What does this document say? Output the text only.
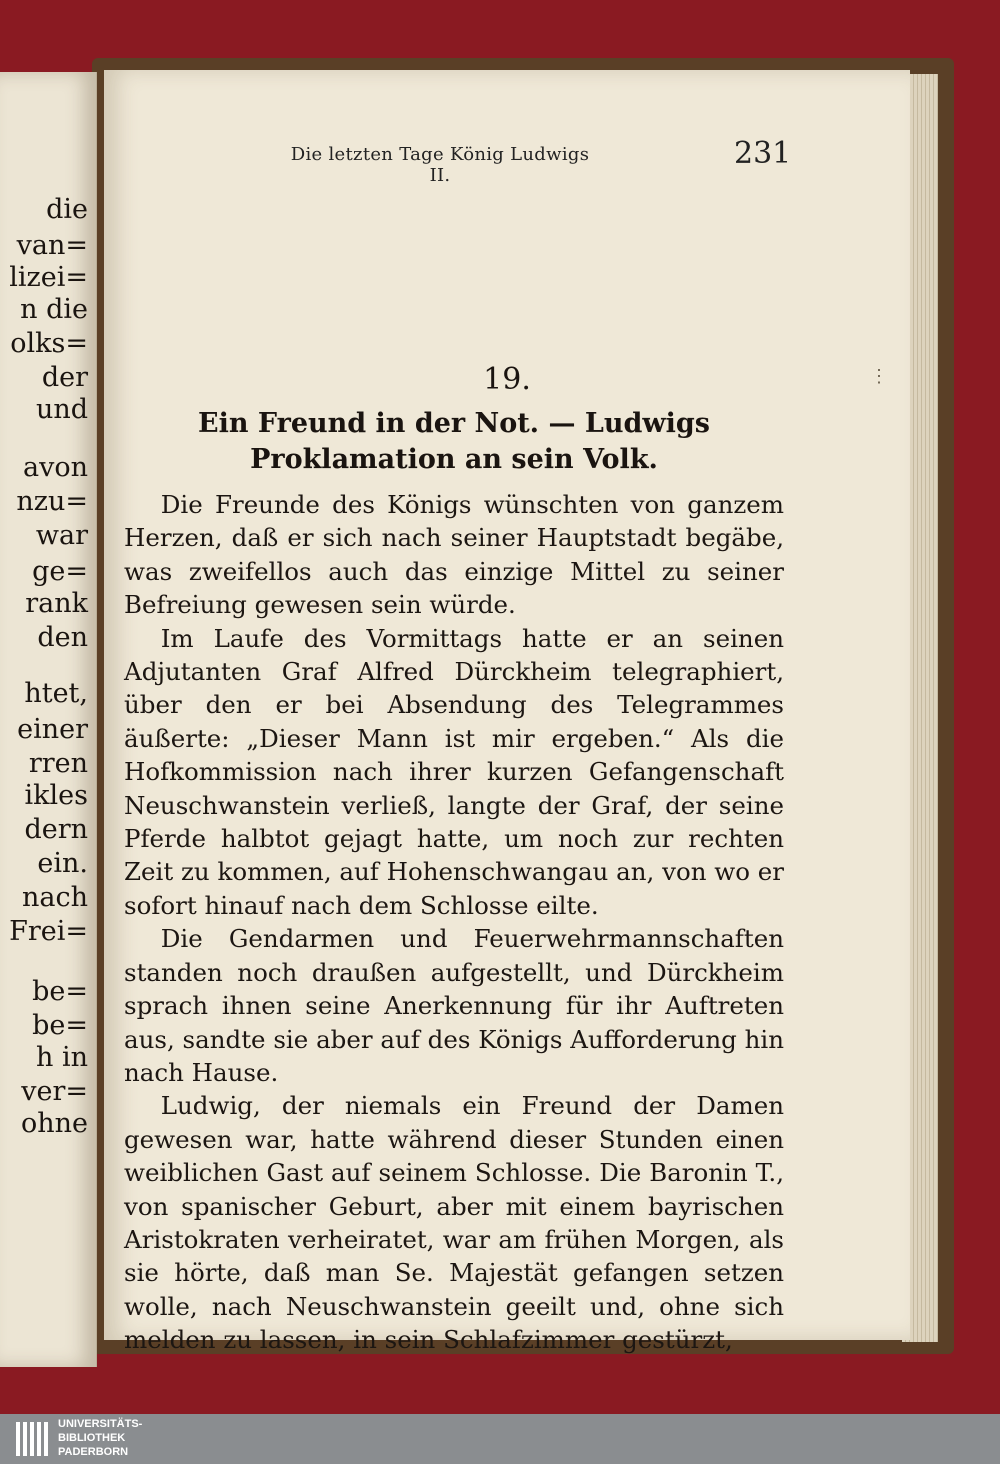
die
van=
lizei=
n die
olks=
der
und
avon
nzu=
war
ge=
rank
den
htet,
einer
rren
ikles
dern
ein.
nach
Frei=
be=
be=
h in
ver=
ohne
Die letzten Tage König Ludwigs II.
231
⋮
19.
Ein Freund in der Not. — Ludwigs Proklamation an sein Volk.

Die Freunde des Königs wünschten von ganzem Herzen, daß er sich nach seiner Hauptstadt begäbe, was zweifellos auch das einzige Mittel zu seiner Befreiung gewesen sein würde.

Im Laufe des Vormittags hatte er an seinen Adjutanten Graf Alfred Dürckheim telegraphiert, über den er bei Absendung des Telegrammes äußerte: „Dieser Mann ist mir ergeben.“ Als die Hofkommission nach ihrer kurzen Gefangenschaft Neuschwanstein verließ, langte der Graf, der seine Pferde halbtot gejagt hatte, um noch zur rechten Zeit zu kommen, auf Hohenschwangau an, von wo er sofort hinauf nach dem Schlosse eilte.

Die Gendarmen und Feuerwehrmannschaften standen noch draußen aufgestellt, und Dürckheim sprach ihnen seine Anerkennung für ihr Auftreten aus, sandte sie aber auf des Königs Aufforderung hin nach Hause.

Ludwig, der niemals ein Freund der Damen gewesen war, hatte während dieser Stunden einen weiblichen Gast auf seinem Schlosse. Die Baronin T., von spanischer Geburt, aber mit einem bayrischen Aristokraten verheiratet, war am frühen Morgen, als sie hörte, daß man Se. Majestät gefangen setzen wolle, nach Neuschwanstein geeilt und, ohne sich melden zu lassen, in sein Schlafzimmer gestürzt,

UNIVERSITÄTS-
BIBLIOTHEK
PADERBORN
